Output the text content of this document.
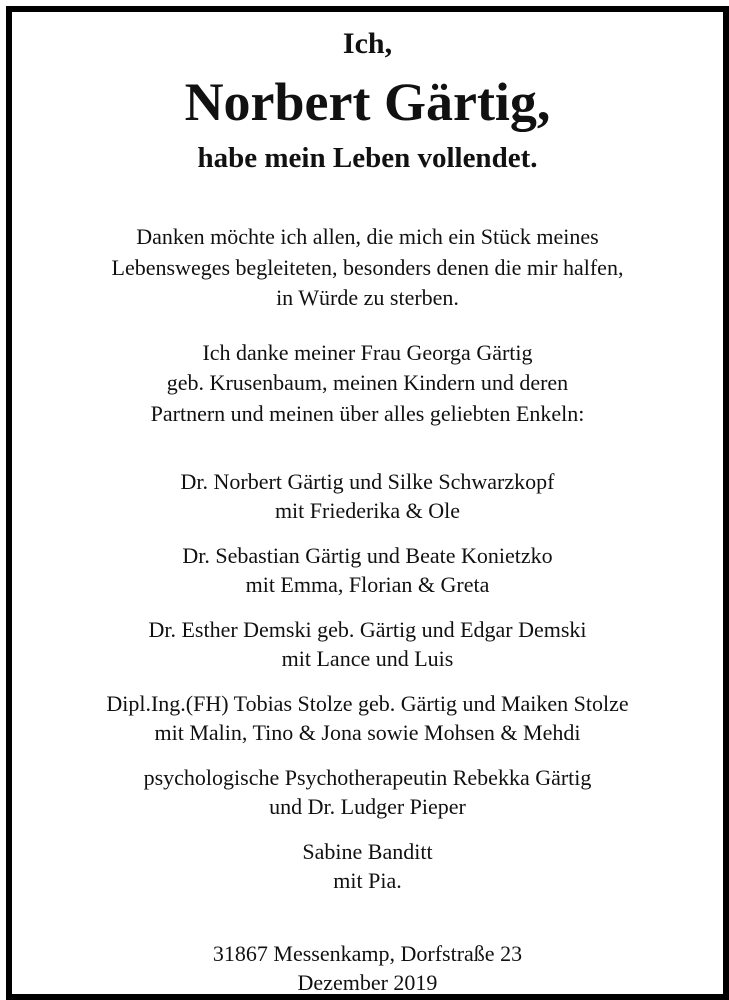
Ich,
Norbert Gärtig,
habe mein Leben vollendet.
Danken möchte ich allen, die mich ein Stück meines
Lebensweges begleiteten, besonders denen die mir halfen,
in Würde zu sterben.
Ich danke meiner Frau Georga Gärtig
geb. Krusenbaum, meinen Kindern und deren
Partnern und meinen über alles geliebten Enkeln:
Dr. Norbert Gärtig und Silke Schwarzkopf
mit Friederika & Ole
Dr. Sebastian Gärtig und Beate Konietzko
mit Emma, Florian & Greta
Dr. Esther Demski geb. Gärtig und Edgar Demski
mit Lance und Luis
Dipl.Ing.(FH) Tobias Stolze geb. Gärtig und Maiken Stolze
mit Malin, Tino & Jona sowie Mohsen & Mehdi
psychologische Psychotherapeutin Rebekka Gärtig
und Dr. Ludger Pieper
Sabine Banditt
mit Pia.
31867 Messenkamp, Dorfstraße 23
Dezember 2019
